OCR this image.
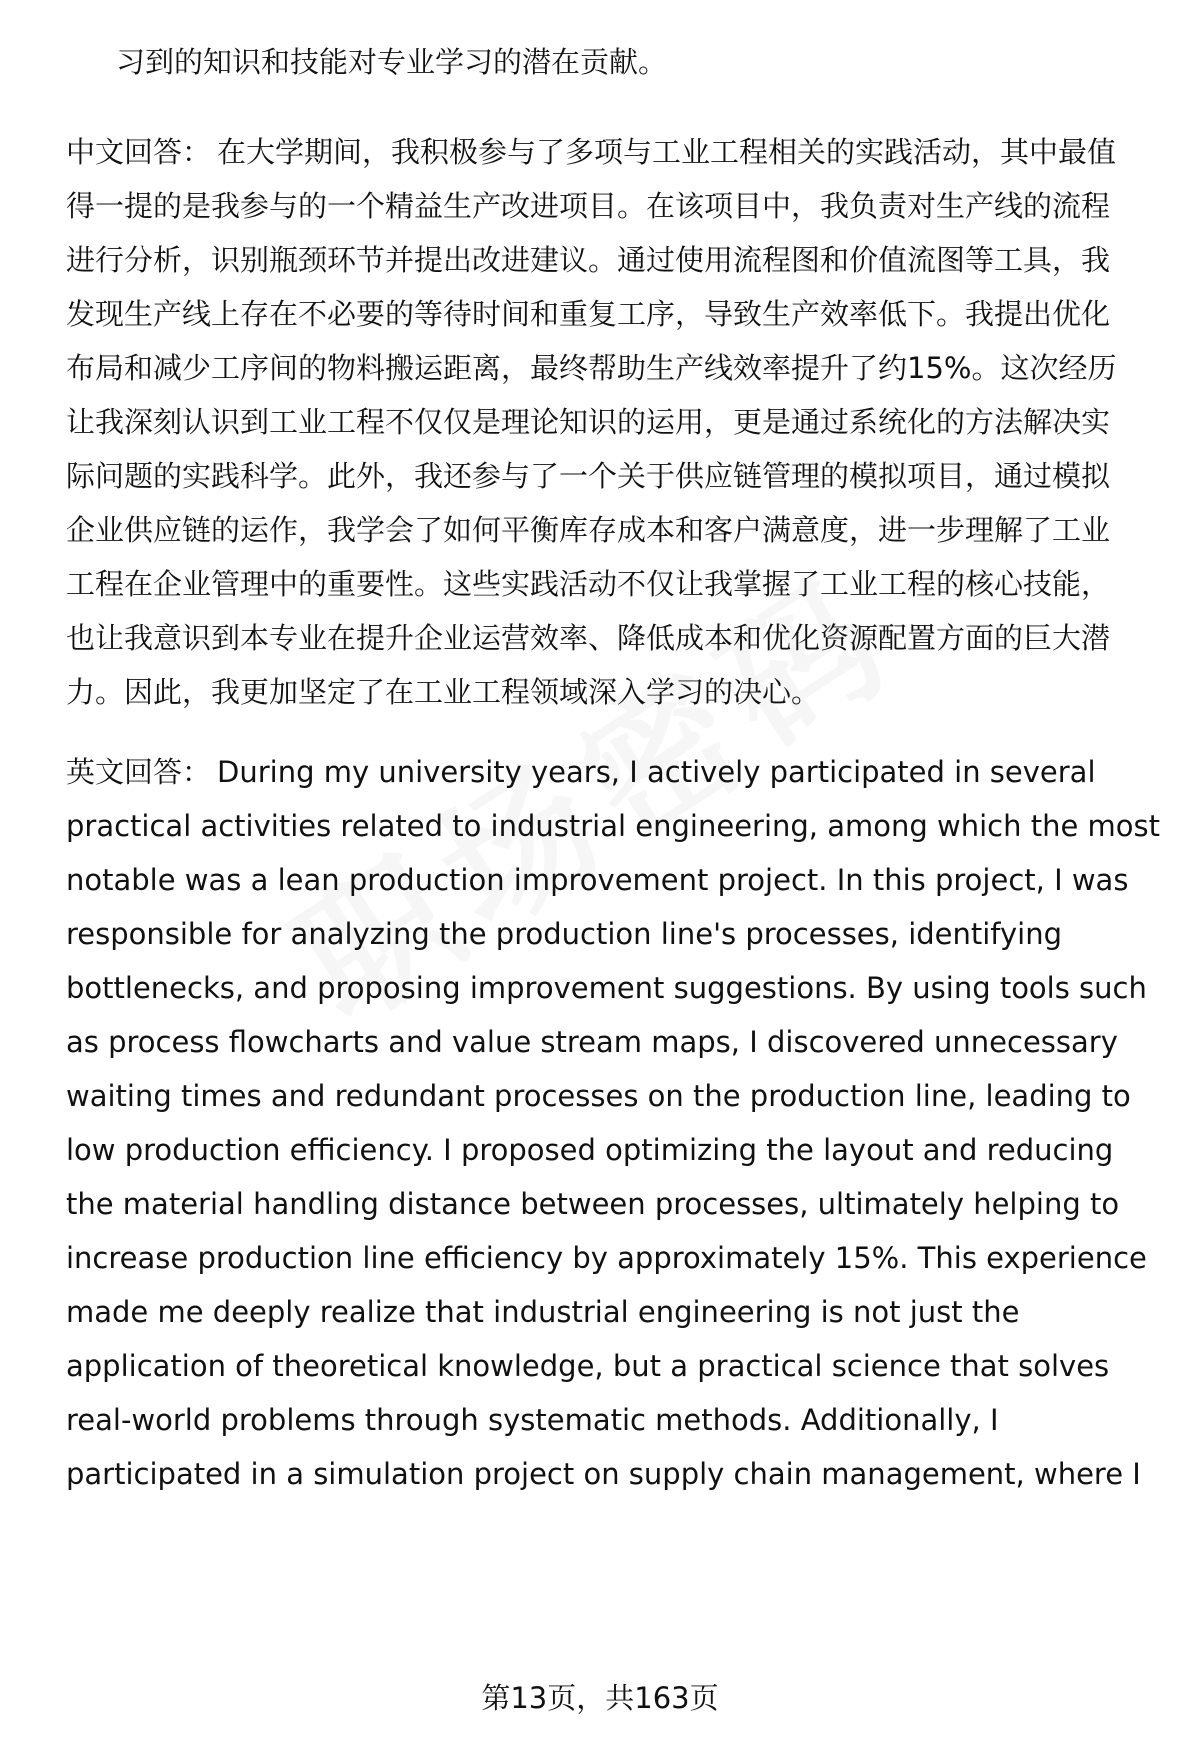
习到的知识和技能对专业学习的潜在贡献。
中文回答： 在大学期间，我积极参与了多项与工业工程相关的实践活动，其中最值
得一提的是我参与的一个精益生产改进项目。在该项目中，我负责对生产线的流程
进行分析，识别瓶颈环节并提出改进建议。通过使用流程图和价值流图等工具，我
发现生产线上存在不必要的等待时间和重复工序，导致生产效率低下。我提出优化
布局和减少工序间的物料搬运距离，最终帮助生产线效率提升了约15%。这次经历
让我深刻认识到工业工程不仅仅是理论知识的运用，更是通过系统化的方法解决实
际问题的实践科学。此外，我还参与了一个关于供应链管理的模拟项目，通过模拟
企业供应链的运作，我学会了如何平衡库存成本和客户满意度，进一步理解了工业
工程在企业管理中的重要性。这些实践活动不仅让我掌握了工业工程的核心技能，
也让我意识到本专业在提升企业运营效率、降低成本和优化资源配置方面的巨大潜
力。因此，我更加坚定了在工业工程领域深入学习的决心。
英文回答： During my university years, I actively participated in several
practical activities related to industrial engineering, among which the most
notable was a lean production improvement project. In this project, I was
responsible for analyzing the production line's processes, identifying
bottlenecks, and proposing improvement suggestions. By using tools such
as process flowcharts and value stream maps, I discovered unnecessary
waiting times and redundant processes on the production line, leading to
low production efficiency. I proposed optimizing the layout and reducing
the material handling distance between processes, ultimately helping to
increase production line efficiency by approximately 15%. This experience
made me deeply realize that industrial engineering is not just the
application of theoretical knowledge, but a practical science that solves
real-world problems through systematic methods. Additionally, I
participated in a simulation project on supply chain management, where I
第13页，共163页
